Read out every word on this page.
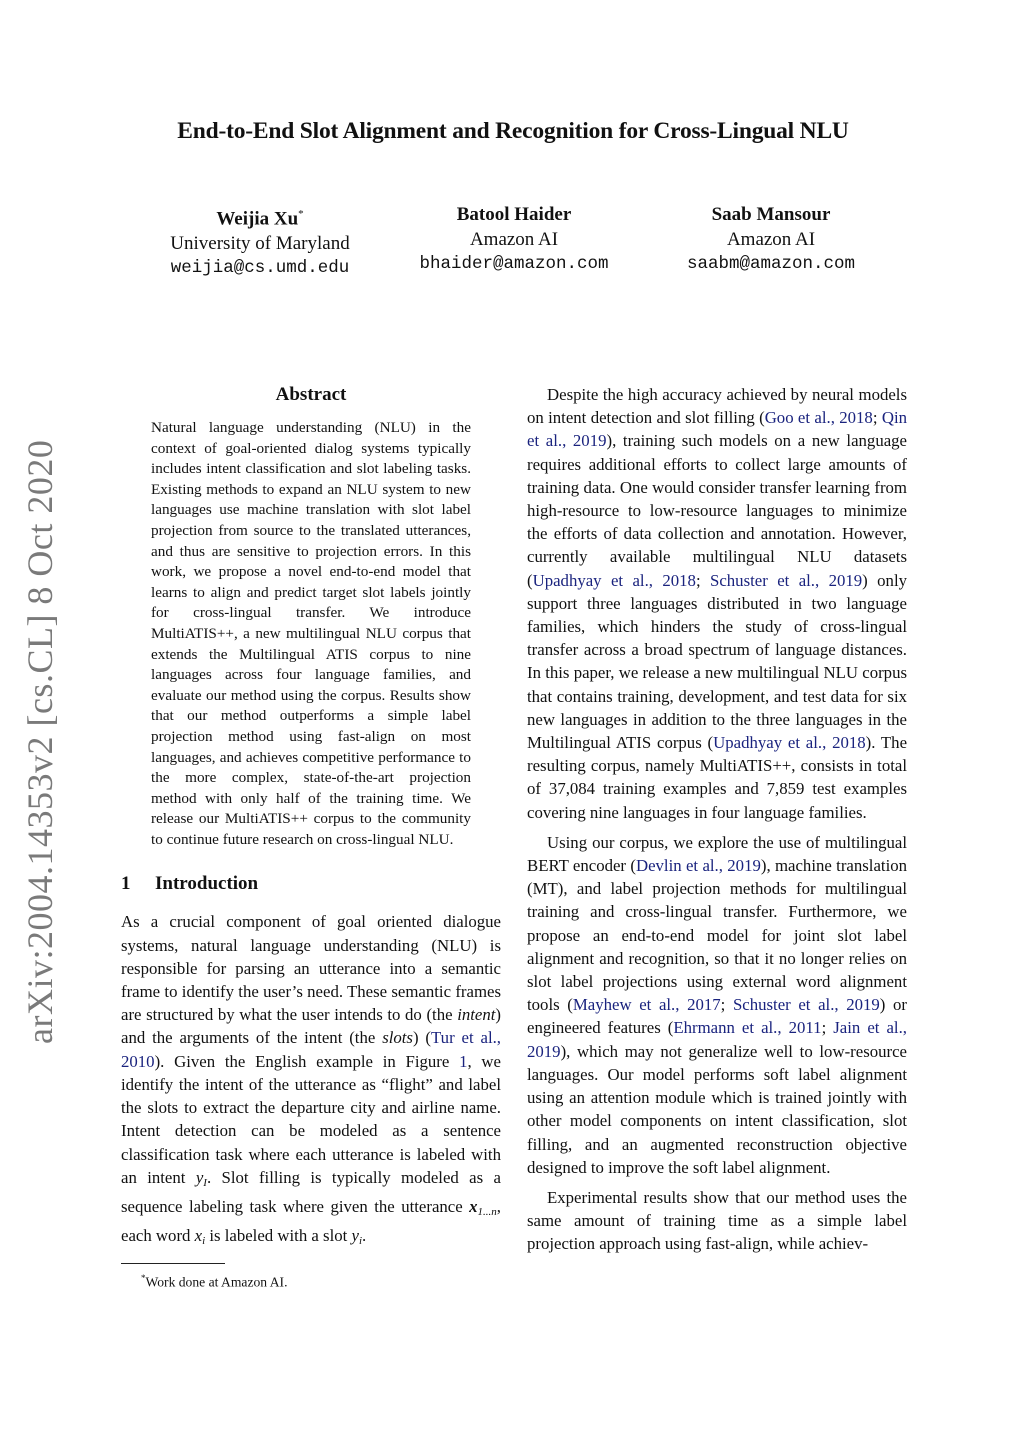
arXiv:2004.14353v2 [cs.CL] 8 Oct 2020
End-to-End Slot Alignment and Recognition for Cross-Lingual NLU
Weijia Xu*
University of Maryland
weijia@cs.umd.edu
Batool Haider
Amazon AI
bhaider@amazon.com
Saab Mansour
Amazon AI
saabm@amazon.com
Abstract

Natural language understanding (NLU) in the context of goal-oriented dialog systems typically includes intent classification and slot labeling tasks. Existing methods to expand an NLU system to new languages use machine translation with slot label projection from source to the translated utterances, and thus are sensitive to projection errors. In this work, we propose a novel end-to-end model that learns to align and predict target slot labels jointly for cross-lingual transfer. We introduce MultiATIS++, a new multilingual NLU corpus that extends the Multilingual ATIS corpus to nine languages across four language families, and evaluate our method using the corpus. Results show that our method outperforms a simple label projection method using fast-align on most languages, and achieves competitive performance to the more complex, state-of-the-art projection method with only half of the training time. We release our MultiATIS++ corpus to the community to continue future research on cross-lingual NLU.

1 Introduction

As a crucial component of goal oriented dialogue systems, natural language understanding (NLU) is responsible for parsing an utterance into a semantic frame to identify the user’s need. These semantic frames are structured by what the user intends to do (the intent) and the arguments of the intent (the slots) (Tur et al., 2010). Given the English example in Figure 1, we identify the intent of the utterance as “flight” and label the slots to extract the departure city and airline name. Intent detection can be modeled as a sentence classification task where each utterance is labeled with an intent $y_I$. Slot filling is typically modeled as a sequence labeling task where given the utterance $x_{1...n}$, each word $x_i$ is labeled with a slot $y_i$.

*Work done at Amazon AI.

Despite the high accuracy achieved by neural models on intent detection and slot filling (Goo et al., 2018; Qin et al., 2019), training such models on a new language requires additional efforts to collect large amounts of training data. One would consider transfer learning from high-resource to low-resource languages to minimize the efforts of data collection and annotation. However, currently available multilingual NLU datasets (Upadhyay et al., 2018; Schuster et al., 2019) only support three languages distributed in two language families, which hinders the study of cross-lingual transfer across a broad spectrum of language distances. In this paper, we release a new multilingual NLU corpus that contains training, development, and test data for six new languages in addition to the three languages in the Multilingual ATIS corpus (Upadhyay et al., 2018). The resulting corpus, namely MultiATIS++, consists in total of 37,084 training examples and 7,859 test examples covering nine languages in four language families.

Using our corpus, we explore the use of multilingual BERT encoder (Devlin et al., 2019), machine translation (MT), and label projection methods for multilingual training and cross-lingual transfer. Furthermore, we propose an end-to-end model for joint slot label alignment and recognition, so that it no longer relies on slot label projections using external word alignment tools (Mayhew et al., 2017; Schuster et al., 2019) or engineered features (Ehrmann et al., 2011; Jain et al., 2019), which may not generalize well to low-resource languages. Our model performs soft label alignment using an attention module which is trained jointly with other model components on intent classification, slot filling, and an augmented reconstruction objective designed to improve the soft label alignment.

Experimental results show that our method uses the same amount of training time as a simple label projection approach using fast-align, while achiev-
